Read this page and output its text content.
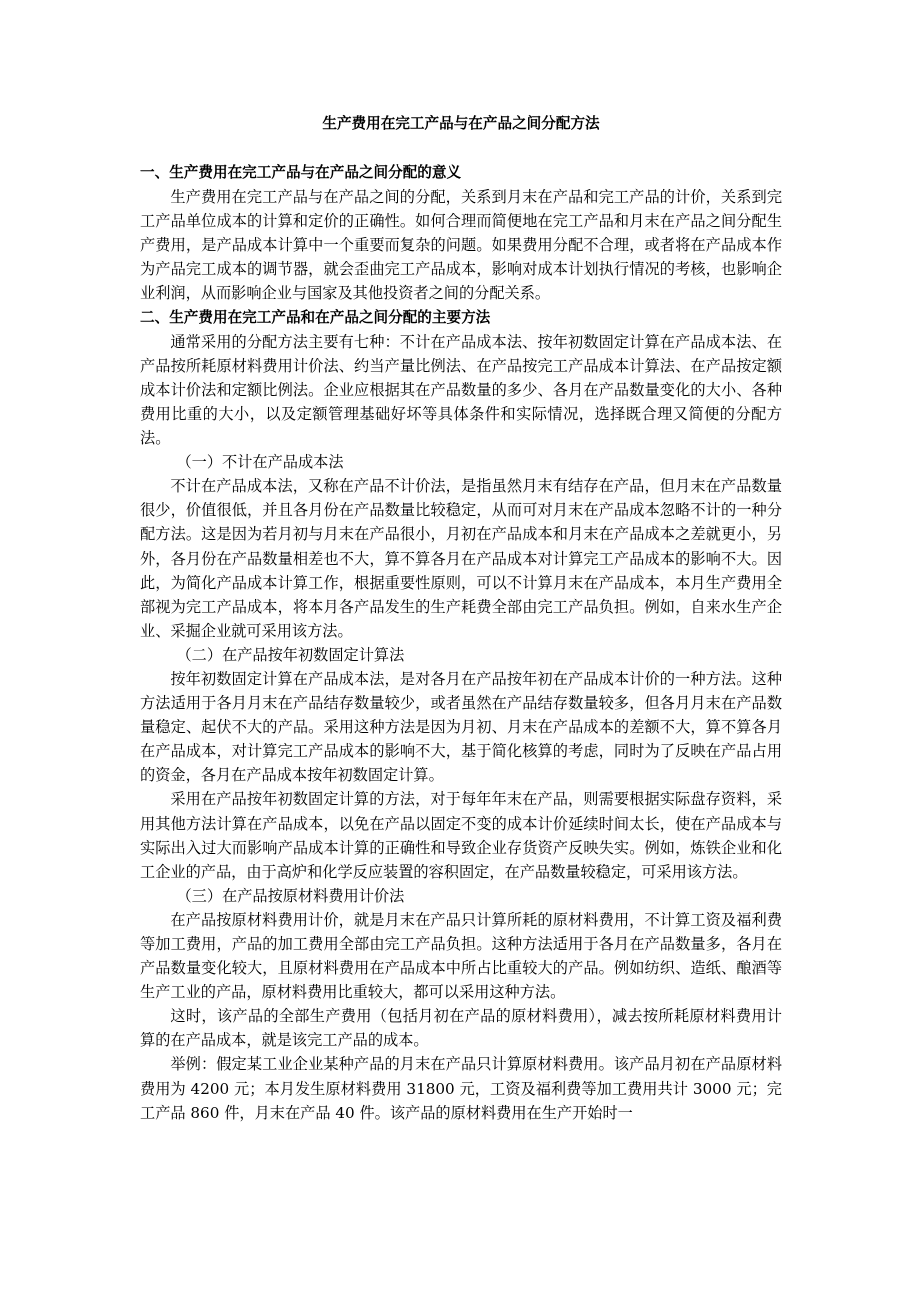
生产费用在完工产品与在产品之间分配方法

一、生产费用在完工产品与在产品之间分配的意义

生产费用在完工产品与在产品之间的分配，关系到月末在产品和完工产品的计价，关系到完工产品单位成本的计算和定价的正确性。如何合理而简便地在完工产品和月末在产品之间分配生产费用，是产品成本计算中一个重要而复杂的问题。如果费用分配不合理，或者将在产品成本作为产品完工成本的调节器，就会歪曲完工产品成本，影响对成本计划执行情况的考核，也影响企业利润，从而影响企业与国家及其他投资者之间的分配关系。

二、生产费用在完工产品和在产品之间分配的主要方法

通常采用的分配方法主要有七种：不计在产品成本法、按年初数固定计算在产品成本法、在产品按所耗原材料费用计价法、约当产量比例法、在产品按完工产品成本计算法、在产品按定额成本计价法和定额比例法。企业应根据其在产品数量的多少、各月在产品数量变化的大小、各种费用比重的大小，以及定额管理基础好坏等具体条件和实际情况，选择既合理又简便的分配方法。

（一）不计在产品成本法

不计在产品成本法，又称在产品不计价法，是指虽然月末有结存在产品，但月末在产品数量很少，价值很低，并且各月份在产品数量比较稳定，从而可对月末在产品成本忽略不计的一种分配方法。这是因为若月初与月末在产品很小，月初在产品成本和月末在产品成本之差就更小，另外，各月份在产品数量相差也不大，算不算各月在产品成本对计算完工产品成本的影响不大。因此，为简化产品成本计算工作，根据重要性原则，可以不计算月末在产品成本，本月生产费用全部视为完工产品成本，将本月各产品发生的生产耗费全部由完工产品负担。例如，自来水生产企业、采掘企业就可采用该方法。

（二）在产品按年初数固定计算法

按年初数固定计算在产品成本法，是对各月在产品按年初在产品成本计价的一种方法。这种方法适用于各月月末在产品结存数量较少，或者虽然在产品结存数量较多，但各月月末在产品数量稳定、起伏不大的产品。采用这种方法是因为月初、月末在产品成本的差额不大，算不算各月在产品成本，对计算完工产品成本的影响不大，基于简化核算的考虑，同时为了反映在产品占用的资金，各月在产品成本按年初数固定计算。

采用在产品按年初数固定计算的方法，对于每年年末在产品，则需要根据实际盘存资料，采用其他方法计算在产品成本，以免在产品以固定不变的成本计价延续时间太长，使在产品成本与实际出入过大而影响产品成本计算的正确性和导致企业存货资产反映失实。例如，炼铁企业和化工企业的产品，由于高炉和化学反应装置的容积固定，在产品数量较稳定，可采用该方法。

（三）在产品按原材料费用计价法

在产品按原材料费用计价，就是月末在产品只计算所耗的原材料费用，不计算工资及福利费等加工费用，产品的加工费用全部由完工产品负担。这种方法适用于各月在产品数量多，各月在产品数量变化较大，且原材料费用在产品成本中所占比重较大的产品。例如纺织、造纸、酿酒等生产工业的产品，原材料费用比重较大，都可以采用这种方法。

这时，该产品的全部生产费用（包括月初在产品的原材料费用），减去按所耗原材料费用计算的在产品成本，就是该完工产品的成本。

举例：假定某工业企业某种产品的月末在产品只计算原材料费用。该产品月初在产品原材料费用为 4200 元；本月发生原材料费用 31800 元，工资及福利费等加工费用共计 3000 元；完工产品 860 件，月末在产品 40 件。该产品的原材料费用在生产开始时一
